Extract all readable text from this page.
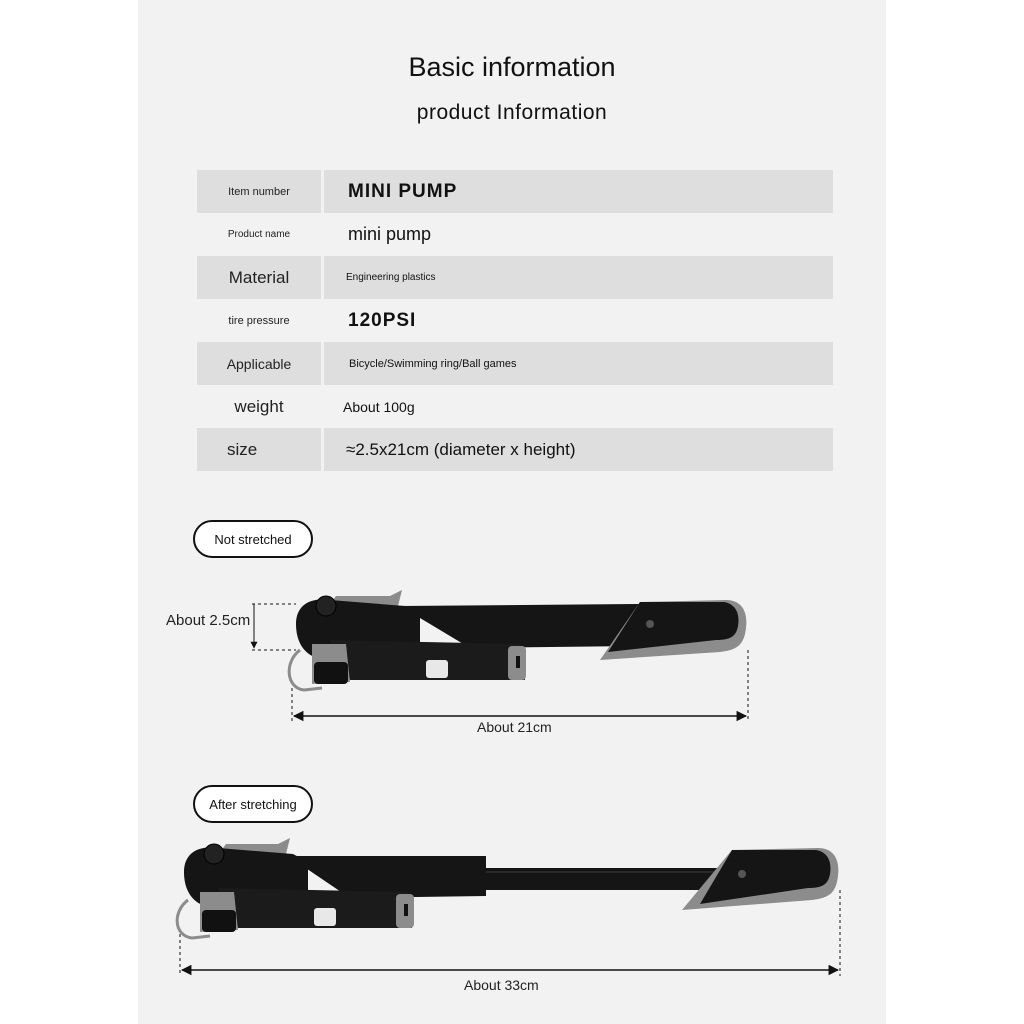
Basic information
product Information
Item number	MINI PUMP
Product name	mini pump
Material	Engineering plastics
tire pressure	120PSI
Applicable	Bicycle/Swimming ring/Ball games
weight	About 100g
size	≈2.5x21cm (diameter x height)
Not stretched
After stretching
About 2.5cm
About 21cm
About 33cm
